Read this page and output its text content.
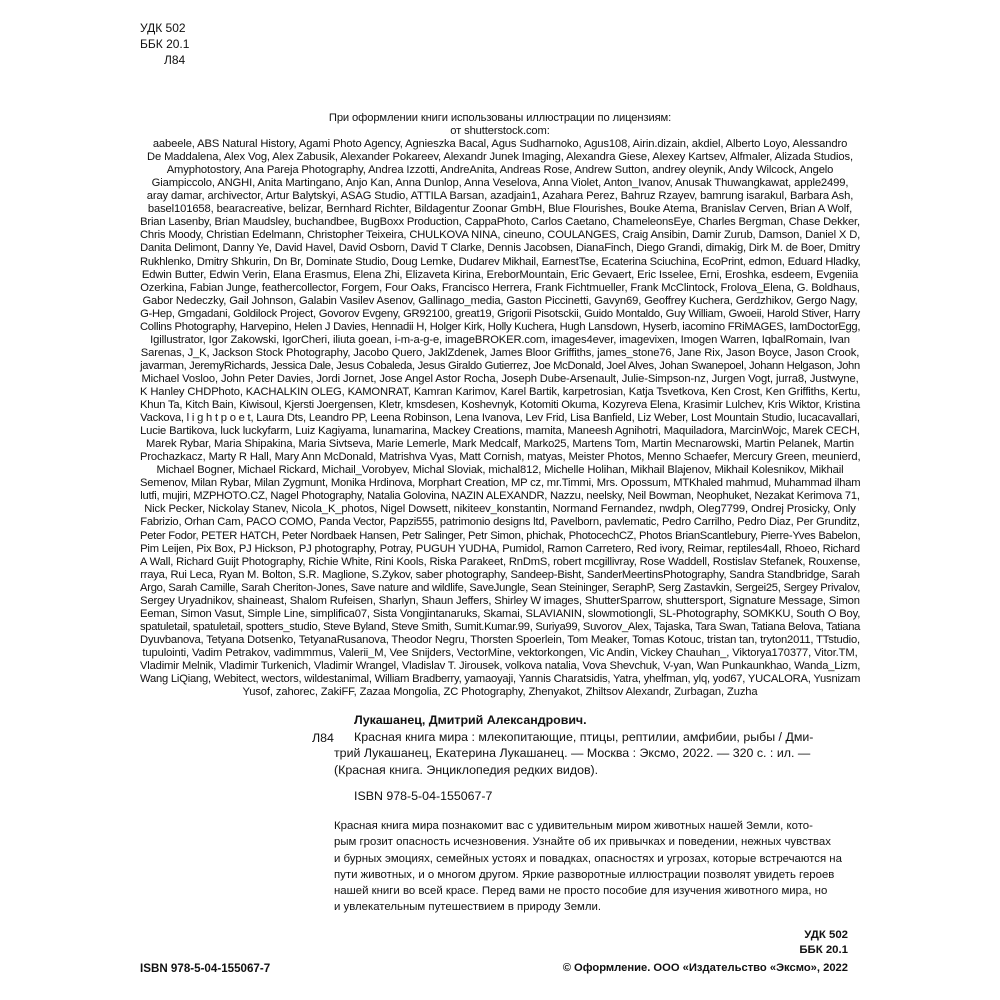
УДК 502
ББК 20.1
Л84
При оформлении книги использованы иллюстрации по лицензиям:
от shutterstock.com:
aabeele, ABS Natural History, Agami Photo Agency, Agnieszka Bacal, Agus Sudharnoko, Agus108, Airin.dizain, akdiel, Alberto Loyo, Alessandro
De Maddalena, Alex Vog, Alex Zabusik, Alexander Pokareev, Alexandr Junek Imaging, Alexandra Giese, Alexey Kartsev, Alfmaler, Alizada Studios,
Amyphotostory, Ana Pareja Photography, Andrea Izzotti, AndreAnita, Andreas Rose, Andrew Sutton, andrey oleynik, Andy Wilcock, Angelo
Giampiccolo, ANGHI, Anita Martingano, Anjo Kan, Anna Dunlop, Anna Veselova, Anna Violet, Anton_Ivanov, Anusak Thuwangkawat, apple2499,
aray damar, archivector, Artur Balytskyi, ASAG Studio, ATTILA Barsan, azadjain1, Azahara Perez, Bahruz Rzayev, bamrung isarakul, Barbara Ash,
basel101658, bearacreative, belizar, Bernhard Richter, Bildagentur Zoonar GmbH, Blue Flourishes, Bouke Atema, Branislav Cerven, Brian A Wolf,
Brian Lasenby, Brian Maudsley, buchandbee, BugBoxx Production, CappaPhoto, Carlos Caetano, ChameleonsEye, Charles Bergman, Chase Dekker,
Chris Moody, Christian Edelmann, Christopher Teixeira, CHULKOVA NINA, cineuno, COULANGES, Craig Ansibin, Damir Zurub, Damson, Daniel X D,
Danita Delimont, Danny Ye, David Havel, David Osborn, David T Clarke, Dennis Jacobsen, DianaFinch, Diego Grandi, dimakig, Dirk M. de Boer, Dmitry
Rukhlenko, Dmitry Shkurin, Dn Br, Dominate Studio, Doug Lemke, Dudarev Mikhail, EarnestTse, Ecaterina Sciuchina, EcoPrint, edmon, Eduard Hladky,
Edwin Butter, Edwin Verin, Elana Erasmus, Elena Zhi, Elizaveta Kirina, EreborMountain, Eric Gevaert, Eric Isselee, Erni, Eroshka, esdeem, Evgeniia
Ozerkina, Fabian Junge, feathercollector, Forgem, Four Oaks, Francisco Herrera, Frank Fichtmueller, Frank McClintock, Frolova_Elena, G. Boldhaus,
Gabor Nedeczky, Gail Johnson, Galabin Vasilev Asenov, Gallinago_media, Gaston Piccinetti, Gavyn69, Geoffrey Kuchera, Gerdzhikov, Gergo Nagy,
G-Hep, Gmgadani, Goldilock Project, Govorov Evgeny, GR92100, great19, Grigorii Pisotsckii, Guido Montaldo, Guy William, Gwoeii, Harold Stiver, Harry
Collins Photography, Harvepino, Helen J Davies, Hennadii H, Holger Kirk, Holly Kuchera, Hugh Lansdown, Hyserb, iacomino FRiMAGES, IamDoctorEgg,
Igillustrator, Igor Zakowski, IgorCheri, iliuta goean, i-m-a-g-e, imageBROKER.com, images4ever, imagevixen, Imogen Warren, IqbalRomain, Ivan
Sarenas, J_K, Jackson Stock Photography, Jacobo Quero, JaklZdenek, James Bloor Griffiths, james_stone76, Jane Rix, Jason Boyce, Jason Crook,
javarman, JeremyRichards, Jessica Dale, Jesus Cobaleda, Jesus Giraldo Gutierrez, Joe McDonald, Joel Alves, Johan Swanepoel, Johann Helgason, John
Michael Vosloo, John Peter Davies, Jordi Jornet, Jose Angel Astor Rocha, Joseph Dube-Arsenault, Julie-Simpson-nz, Jurgen Vogt, jurra8, Justwyne,
K Hanley CHDPhoto, KACHALKIN OLEG, KAMONRAT, Kamran Karimov, Karel Bartik, karpetrosian, Katja Tsvetkova, Ken Crost, Ken Griffiths, Kertu,
Khun Ta, Kitch Bain, Kiwisoul, Kjersti Joergensen, Kletr, kmsdesen, Koshevnyk, Kotomiti Okuma, Kozyreva Elena, Krasimir Lulchev, Kris Wiktor, Kristina
Vackova, l i g h t p o e t, Laura Dts, Leandro PP, Leena Robinson, Lena Ivanova, Lev Frid, Lisa Banfield, Liz Weber, Lost Mountain Studio, lucacavallari,
Lucie Bartikova, luck luckyfarm, Luiz Kagiyama, lunamarina, Mackey Creations, mamita, Maneesh Agnihotri, Maquiladora, MarcinWojc, Marek CECH,
Marek Rybar, Maria Shipakina, Maria Sivtseva, Marie Lemerle, Mark Medcalf, Marko25, Martens Tom, Martin Mecnarowski, Martin Pelanek, Martin
Prochazkacz, Marty R Hall, Mary Ann McDonald, Matrishva Vyas, Matt Cornish, matyas, Meister Photos, Menno Schaefer, Mercury Green, meunierd,
Michael Bogner, Michael Rickard, Michail_Vorobyev, Michal Sloviak, michal812, Michelle Holihan, Mikhail Blajenov, Mikhail Kolesnikov, Mikhail
Semenov, Milan Rybar, Milan Zygmunt, Monika Hrdinova, Morphart Creation, MP cz, mr.Timmi, Mrs. Opossum, MTKhaled mahmud, Muhammad ilham
lutfi, mujiri, MZPHOTO.CZ, Nagel Photography, Natalia Golovina, NAZIN ALEXANDR, Nazzu, neelsky, Neil Bowman, Neophuket, Nezakat Kerimova 71,
Nick Pecker, Nickolay Stanev, Nicola_K_photos, Nigel Dowsett, nikiteev_konstantin, Normand Fernandez, nwdph, Oleg7799, Ondrej Prosicky, Only
Fabrizio, Orhan Cam, PACO COMO, Panda Vector, Papzi555, patrimonio designs ltd, Pavelborn, pavlematic, Pedro Carrilho, Pedro Diaz, Per Grunditz,
Peter Fodor, PETER HATCH, Peter Nordbaek Hansen, Petr Salinger, Petr Simon, phichak, PhotocechCZ, Photos BrianScantlebury, Pierre-Yves Babelon,
Pim Leijen, Pix Box, PJ Hickson, PJ photography, Potray, PUGUH YUDHA, Pumidol, Ramon Carretero, Red ivory, Reimar, reptiles4all, Rhoeo, Richard
A Wall, Richard Guijt Photography, Richie White, Rini Kools, Riska Parakeet, RnDmS, robert mcgillivray, Rose Waddell, Rostislav Stefanek, Rouxense,
rraya, Rui Leca, Ryan M. Bolton, S.R. Maglione, S.Zykov, saber photography, Sandeep-Bisht, SanderMeertinsPhotography, Sandra Standbridge, Sarah
Argo, Sarah Camille, Sarah Cheriton-Jones, Save nature and wildlife, SaveJungle, Sean Steininger, SeraphP, Serg Zastavkin, Sergei25, Sergey Privalov,
Sergey Uryadnikov, shaineast, Shalom Rufeisen, Sharlyn, Shaun Jeffers, Shirley W images, ShutterSparrow, shuttersport, Signature Message, Simon
Eeman, Simon Vasut, Simple Line, simplifica07, Sista Vongjintanaruks, Skamai, SLAVIANIN, slowmotiongli, SL-Photography, SOMKKU, South O Boy,
spatuletail, spatuletail, spotters_studio, Steve Byland, Steve Smith, Sumit.Kumar.99, Suriya99, Suvorov_Alex, Tajaska, Tara Swan, Tatiana Belova, Tatiana
Dyuvbanova, Tetyana Dotsenko, TetyanaRusanova, Theodor Negru, Thorsten Spoerlein, Tom Meaker, Tomas Kotouc, tristan tan, tryton2011, TTstudio,
tupulointi, Vadim Petrakov, vadimmmus, Valerii_M, Vee Snijders, VectorMine, vektorkongen, Vic Andin, Vickey Chauhan_, Viktorya170377, Vitor.TM,
Vladimir Melnik, Vladimir Turkenich, Vladimir Wrangel, Vladislav T. Jirousek, volkova natalia, Vova Shevchuk, V-yan, Wan Punkaunkhao, Wanda_Lizm,
Wang LiQiang, Webitect, wectors, wildestanimal, William Bradberry, yamaoyaji, Yannis Charatsidis, Yatra, yhelfman, ylq, yod67, YUCALORA, Yusnizam
Yusof, zahorec, ZakiFF, Zazaa Mongolia, ZC Photography, Zhenyakot, Zhiltsov Alexandr, Zurbagan, Zuzha
Л84
Лукашанец, Дмитрий Александрович.
Красная книга мира : млекопитающие, птицы, рептилии, амфибии, рыбы / Дми-
трий Лукашанец, Екатерина Лукашанец. — Москва : Эксмо, 2022. — 320 с. : ил. —
(Красная книга. Энциклопедия редких видов).
ISBN 978-5-04-155067-7
Красная книга мира познакомит вас с удивительным миром животных нашей Земли, кото-
рым грозит опасность исчезновения. Узнайте об их привычках и поведении, нежных чувствах
и бурных эмоциях, семейных устоях и повадках, опасностях и угрозах, которые встречаются на
пути животных, и о многом другом. Яркие разворотные иллюстрации позволят увидеть героев
нашей книги во всей красе. Перед вами не просто пособие для изучения животного мира, но
и увлекательным путешествием в природу Земли.
УДК 502
ББК 20.1
ISBN 978-5-04-155067-7	© Оформление. ООО «Издательство «Эксмо», 2022
